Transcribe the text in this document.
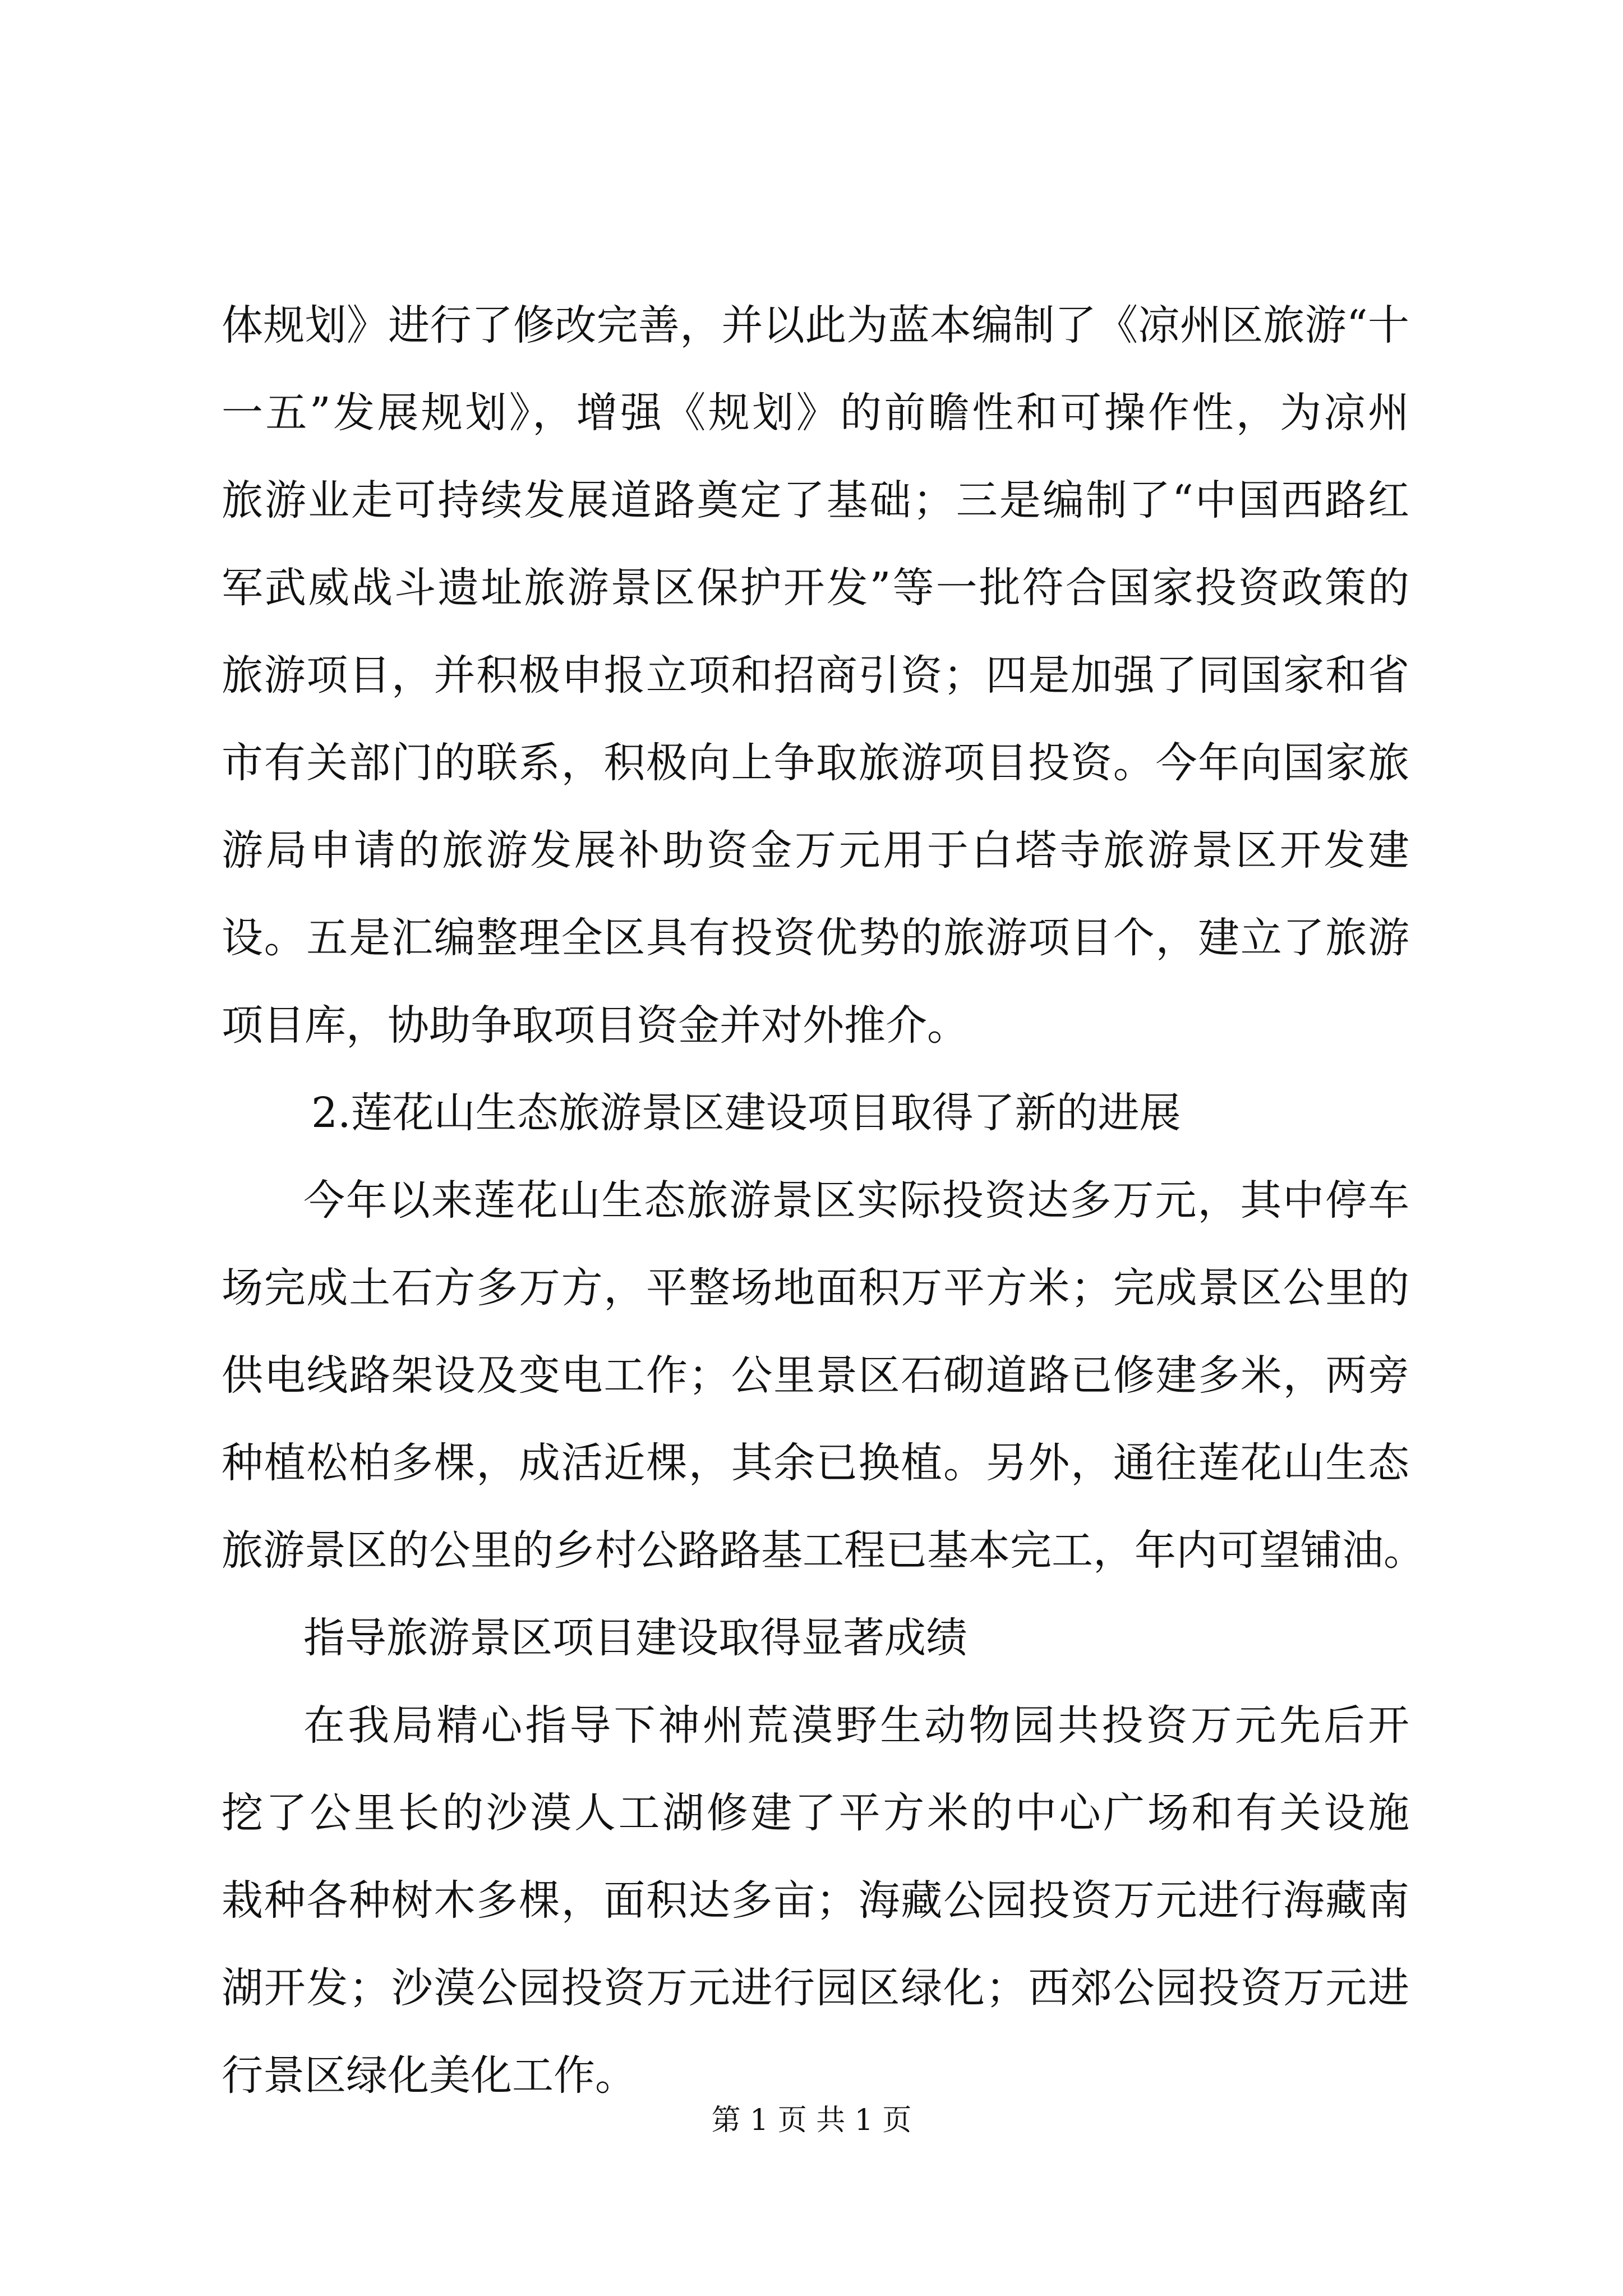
体规划》进行了修改完善，并以此为蓝本编制了《凉州区旅游“十
一五”发展规划》，增强《规划》的前瞻性和可操作性，为凉州
旅游业走可持续发展道路奠定了基础；三是编制了“中国西路红
军武威战斗遗址旅游景区保护开发”等一批符合国家投资政策的
旅游项目，并积极申报立项和招商引资；四是加强了同国家和省
市有关部门的联系，积极向上争取旅游项目投资。今年向国家旅
游局申请的旅游发展补助资金万元用于白塔寺旅游景区开发建
设。五是汇编整理全区具有投资优势的旅游项目个，建立了旅游
项目库，协助争取项目资金并对外推介。
2.莲花山生态旅游景区建设项目取得了新的进展
今年以来莲花山生态旅游景区实际投资达多万元，其中停车
场完成土石方多万方，平整场地面积万平方米；完成景区公里的
供电线路架设及变电工作；公里景区石砌道路已修建多米，两旁
种植松柏多棵，成活近棵，其余已换植。另外，通往莲花山生态
旅游景区的公里的乡村公路路基工程已基本完工，年内可望铺油。
指导旅游景区项目建设取得显著成绩
在我局精心指导下神州荒漠野生动物园共投资万元先后开
挖了公里长的沙漠人工湖修建了平方米的中心广场和有关设施
栽种各种树木多棵，面积达多亩；海藏公园投资万元进行海藏南
湖开发；沙漠公园投资万元进行园区绿化；西郊公园投资万元进
行景区绿化美化工作。
第 1 页 共 1 页
